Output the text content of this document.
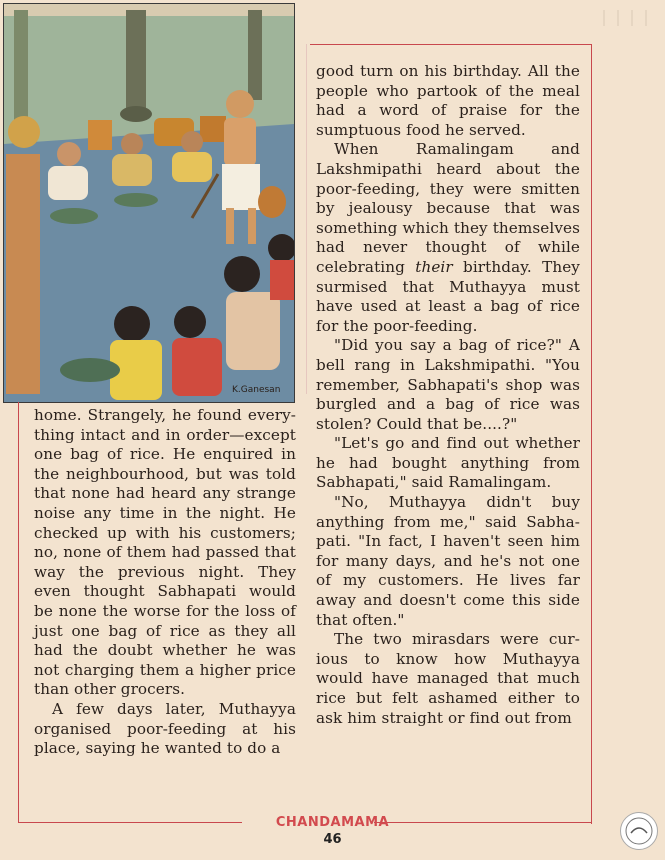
K.Ganesan

home. Strangely, he found every-thing intact and in order—except one bag of rice. He enquired in the neighbourhood, but was told that none had heard any strange noise any time in the night. He checked up with his customers; no, none of them had passed that way the previous night. They even thought Sabhapati would be none the worse for the loss of just one bag of rice as they all had the doubt whether he was not charging them a higher price than other grocers.

A few days later, Muthayya organised poor-feeding at his place, saying he wanted to do a

good turn on his birthday. All the people who partook of the meal had a word of praise for the sumptuous food he served.

When Ramalingam and Lakshmipathi heard about the poor-feeding, they were smitten by jealousy because that was something which they themselves had never thought of while celebrating their birthday. They surmised that Muthayya must have used at least a bag of rice for the poor-feeding.

"Did you say a bag of rice?" A bell rang in Lakshmipathi. "You remember, Sabhapati's shop was burgled and a bag of rice was stolen? Could that be....?"

"Let's go and find out whether he had bought anything from Sabhapati," said Ramalingam.

"No, Muthayya didn't buy anything from me," said Sabha-pati. "In fact, I haven't seen him for many days, and he's not one of my customers. He lives far away and doesn't come this side that often."

The two mirasdars were cur-ious to know how Muthayya would have managed that much rice but felt ashamed either to ask him straight or find out from

CHANDAMAMA
46
